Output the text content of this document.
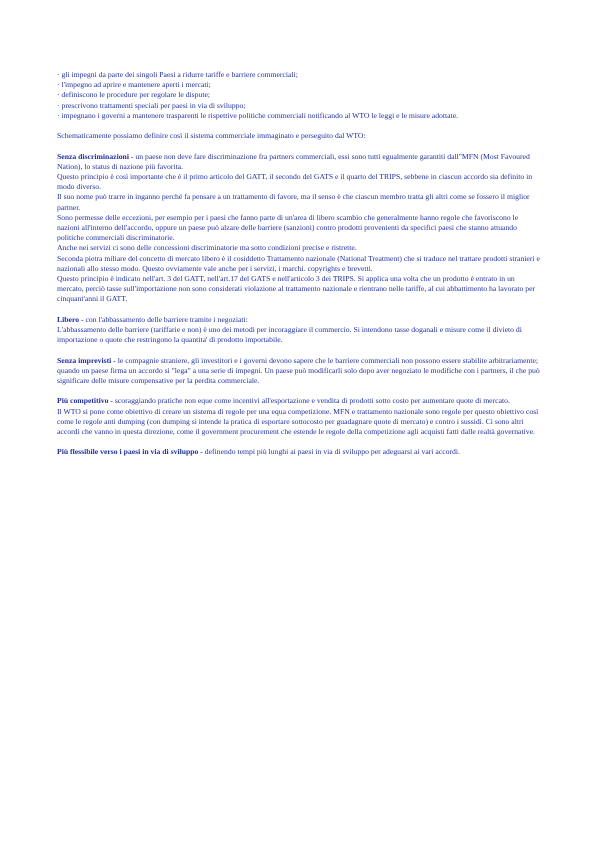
· gli impegni da parte dei singoli Paesi a ridurre tariffe e barriere commerciali;
· l'impegno ad aprire e mantenere aperti i mercati;
· definiscono le procedure per regolare le dispute;
· prescrivono trattamenti speciali per paesi in via di sviluppo;
· impegnano i governi a mantenere trasparenti le rispettive politiche commerciali notificando al WTO le leggi e le misure adottate.

Schematicamente possiamo definire così il sistema commerciale immaginato e perseguito dal WTO:

Senza discriminazioni - un paese non deve fare discriminazione fra partners commerciali, essi sono tutti egualmente garantiti dall"MFN (Most Favoured Nation), lo status di nazione più favorita.

Questo principio è così importante che è il primo articolo del GATT, il secondo del GATS e il quarto del TRIPS, sebbene in ciascun accordo sia definito in modo diverso.

Il suo nome può trarre in inganno perché fa pensare a un trattamento di favore, ma il senso è che ciascun membro tratta gli altri come se fossero il miglior partner.

Sono permesse delle eccezioni, per esempio per i paesi che fanno parte di un'area di libero scambio che generalmente hanno regole che favoriscono le nazioni all'interno dell'accordo, oppure un paese può alzare delle barriere (sanzioni) contro prodotti provenienti da specifici paesi che stanno attuando politiche commerciali discriminatorie.

Anche nei servizi ci sono delle concessioni discriminatorie ma sotto condizioni precise e ristrette.

Seconda pietra miliare del concetto di mercato libero è il cosiddetto Trattamento nazionale (National Treatment) che si traduce nel trattare prodotti stranieri e nazionali allo stesso modo. Questo ovviamente vale anche per i servizi, i marchi. copyrights e brevetti.

Questo principio è indicato nell'art. 3 del GATT, nell'art.17 del GATS e nell'articolo 3 dei TRIPS. Si applica una volta che un prodotto è entrato in un mercato, perciò tasse sull'importazione non sono considerati violazione al trattamento nazionale e rientrano nelle tariffe, al cui abbattimento ha lavorato per cinquant'anni il GATT.

Libero - con l'abbassamento delle barriere tramite i negoziati:

L'abbassamento delle barriere (tariffarie e non) è uno dei metodi per incoraggiare il commercio. Si intendono tasse doganali e misure come il divieto di importazione o quote che restringono la quantita' di prodotto importabile.

Senza imprevisti - le compagnie straniere, gli investitori e i governi devono sapere che le barriere commerciali non possono essere stabilite arbitrariamente; quando un paese firma un accordo si "lega" a una serie di impegni. Un paese può modificarli solo dopo aver negoziato le modifiche con i partners, il che può significare delle misure compensative per la perdita commerciale.

Più competitivo - scoraggiando pratiche non eque come incentivi all'esportazione e vendita di prodotti sotto costo per aumentare quote di mercato.

Il WTO si pone come obiettivo di creare un sistema di regole per una equa competizione. MFN e trattamento nazionale sono regole per questo obiettivo così come le regole anti dumping (con dumping si intende la pratica di esportare sottocosto per guadagnare quote di mercato) e contro i sussidi. Ci sono altri accordi che vanno in questa direzione, come il government procurement che estende le regole della competizione agli acquisti fatti dalle realtà governative.

Più flessibile verso i paesi in via di sviluppo - definendo tempi più lunghi ai paesi in via di sviluppo per adeguarsi ai vari accordi.
